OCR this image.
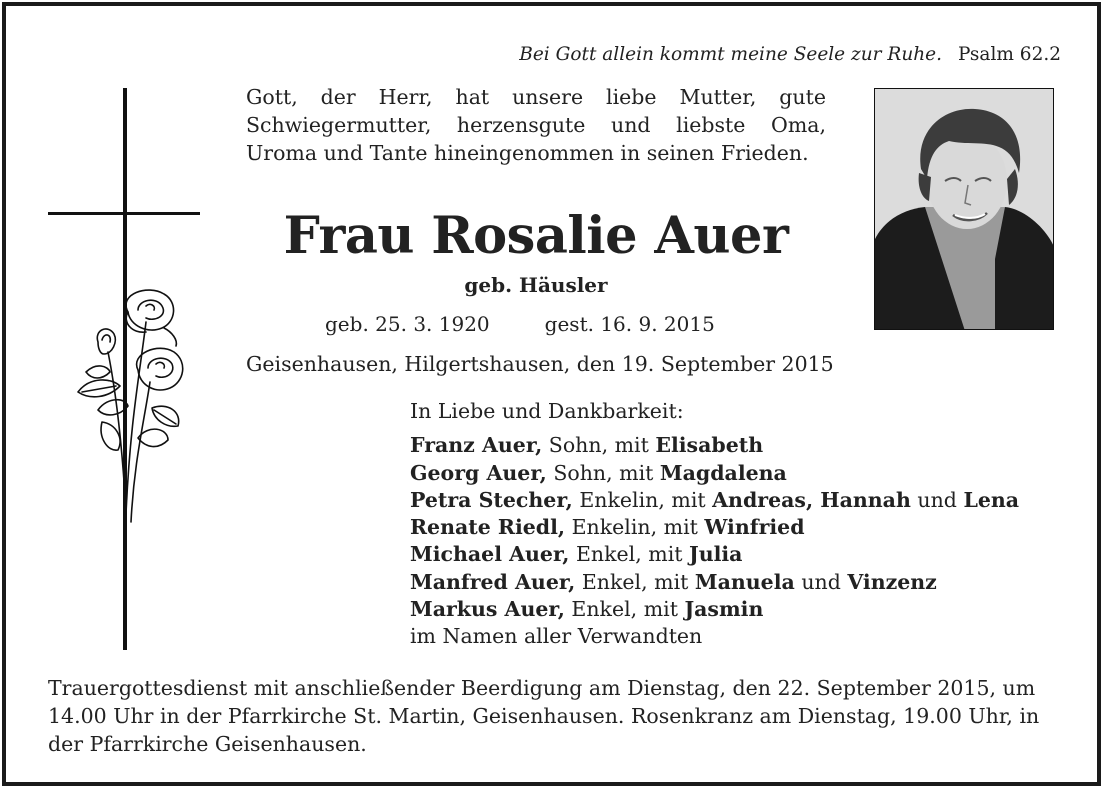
Bei Gott allein kommt meine Seele zur Ruhe. Psalm 62.2

Gott, der Herr, hat unsere liebe Mutter, gute Schwiegermutter, herzensgute und liebste Oma, Uroma und Tante hineingenommen in seinen Frieden.

Frau Rosalie Auer
geb. Häusler
geb. 25. 3. 1920	gest. 16. 9. 2015
Geisenhausen, Hilgertshausen, den 19. September 2015
In Liebe und Dankbarkeit:
Franz Auer, Sohn, mit Elisabeth
Georg Auer, Sohn, mit Magdalena
Petra Stecher, Enkelin, mit Andreas, Hannah und Lena
Renate Riedl, Enkelin, mit Winfried
Michael Auer, Enkel, mit Julia
Manfred Auer, Enkel, mit Manuela und Vinzenz
Markus Auer, Enkel, mit Jasmin
im Namen aller Verwandten

Trauergottesdienst mit anschließender Beerdigung am Dienstag, den 22. September 2015, um 14.00 Uhr in der Pfarrkirche St. Martin, Geisenhausen. Rosenkranz am Dienstag, 19.00 Uhr, in der Pfarrkirche Geisenhausen.
